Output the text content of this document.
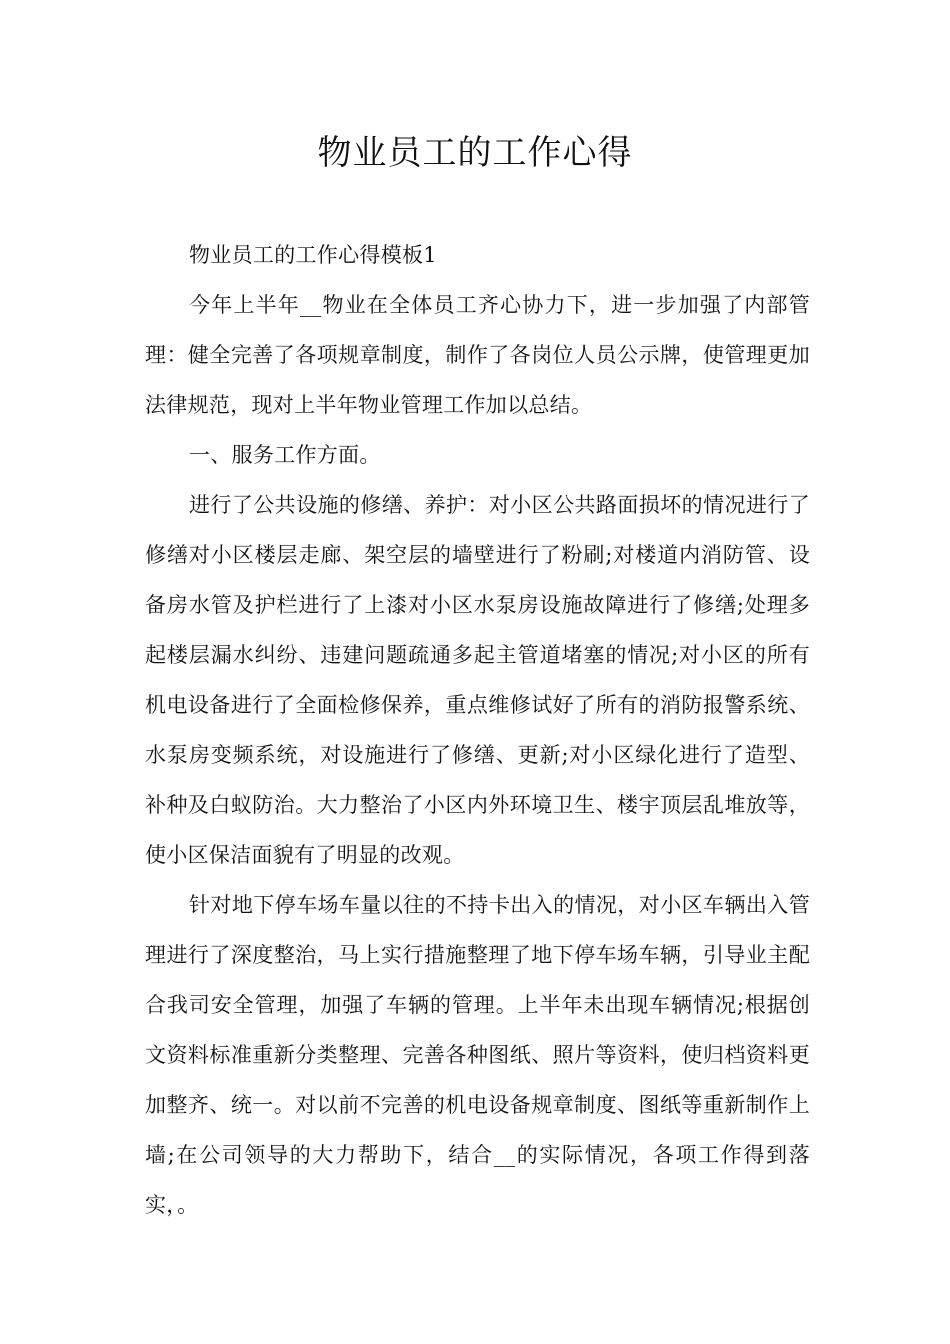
物业员工的工作心得

物业员工的工作心得模板1

今年上半年__物业在全体员工齐心协力下，进一步加强了内部管理：健全完善了各项规章制度，制作了各岗位人员公示牌，使管理更加法律规范，现对上半年物业管理工作加以总结。

一、服务工作方面。

进行了公共设施的修缮、养护：对小区公共路面损坏的情况进行了修缮对小区楼层走廊、架空层的墙壁进行了粉刷;对楼道内消防管、设备房水管及护栏进行了上漆对小区水泵房设施故障进行了修缮;处理多起楼层漏水纠纷、违建问题疏通多起主管道堵塞的情况;对小区的所有机电设备进行了全面检修保养，重点维修试好了所有的消防报警系统、水泵房变频系统，对设施进行了修缮、更新;对小区绿化进行了造型、补种及白蚁防治。大力整治了小区内外环境卫生、楼宇顶层乱堆放等，使小区保洁面貌有了明显的改观。

针对地下停车场车量以往的不持卡出入的情况，对小区车辆出入管理进行了深度整治，马上实行措施整理了地下停车场车辆，引导业主配合我司安全管理，加强了车辆的管理。上半年未出现车辆情况;根据创文资料标准重新分类整理、完善各种图纸、照片等资料，使归档资料更加整齐、统一。对以前不完善的机电设备规章制度、图纸等重新制作上墙;在公司领导的大力帮助下，结合__的实际情况，各项工作得到落实，。
